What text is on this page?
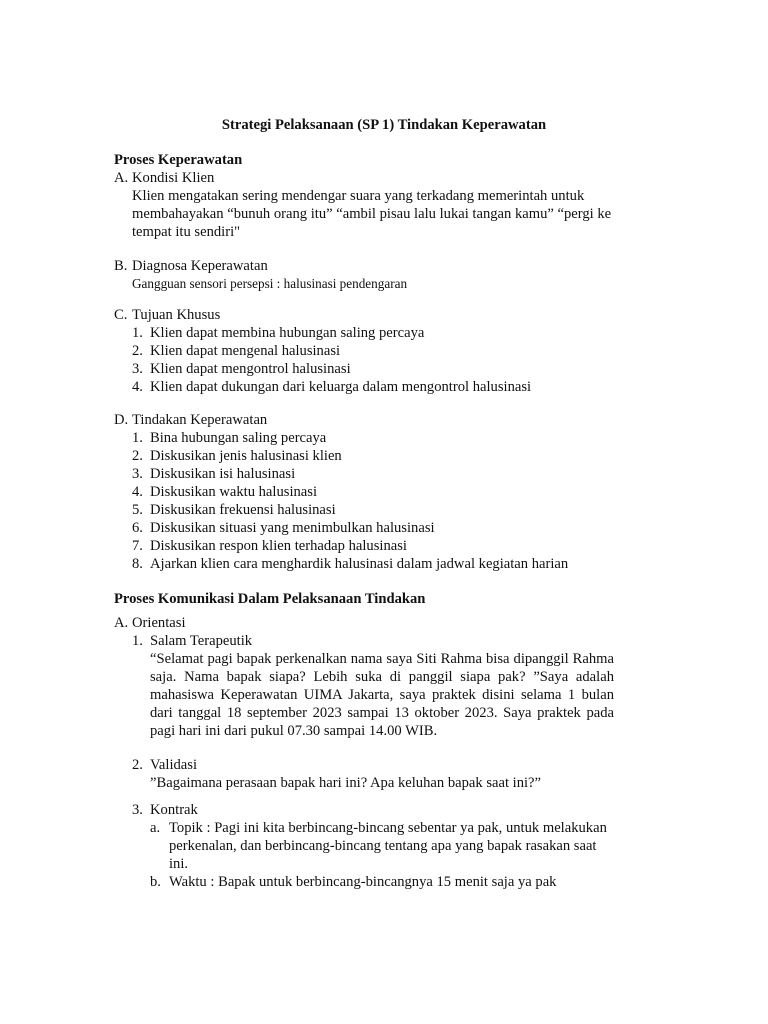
Strategi Pelaksanaan (SP 1) Tindakan Keperawatan
Proses Keperawatan
A. Kondisi Klien
Klien mengatakan sering mendengar suara yang terkadang memerintah untuk membahayakan “bunuh orang itu” “ambil pisau lalu lukai tangan kamu” “pergi ke tempat itu sendiri"
B. Diagnosa Keperawatan
Gangguan sensori persepsi : halusinasi pendengaran
C. Tujuan Khusus
1. Klien dapat membina hubungan saling percaya
2. Klien dapat mengenal halusinasi
3. Klien dapat mengontrol halusinasi
4. Klien dapat dukungan dari keluarga dalam mengontrol halusinasi
D. Tindakan Keperawatan
1. Bina hubungan saling percaya
2. Diskusikan jenis halusinasi klien
3. Diskusikan isi halusinasi
4. Diskusikan waktu halusinasi
5. Diskusikan frekuensi halusinasi
6. Diskusikan situasi yang menimbulkan halusinasi
7. Diskusikan respon klien terhadap halusinasi
8. Ajarkan klien cara menghardik halusinasi dalam jadwal kegiatan harian
Proses Komunikasi Dalam Pelaksanaan Tindakan
A. Orientasi
1. Salam Terapeutik
“Selamat pagi bapak perkenalkan nama saya Siti Rahma bisa dipanggil Rahma saja. Nama bapak siapa? Lebih suka di panggil siapa pak? ”Saya adalah mahasiswa Keperawatan UIMA Jakarta, saya praktek disini selama 1 bulan dari tanggal 18 september 2023 sampai 13 oktober 2023. Saya praktek pada pagi hari ini dari pukul 07.30 sampai 14.00 WIB.
2. Validasi
”Bagaimana perasaan bapak hari ini? Apa keluhan bapak saat ini?”
3. Kontrak
a. Topik : Pagi ini kita berbincang-bincang sebentar ya pak, untuk melakukan perkenalan, dan berbincang-bincang tentang apa yang bapak rasakan saat ini.
b. Waktu : Bapak untuk berbincang-bincangnya 15 menit saja ya pak
